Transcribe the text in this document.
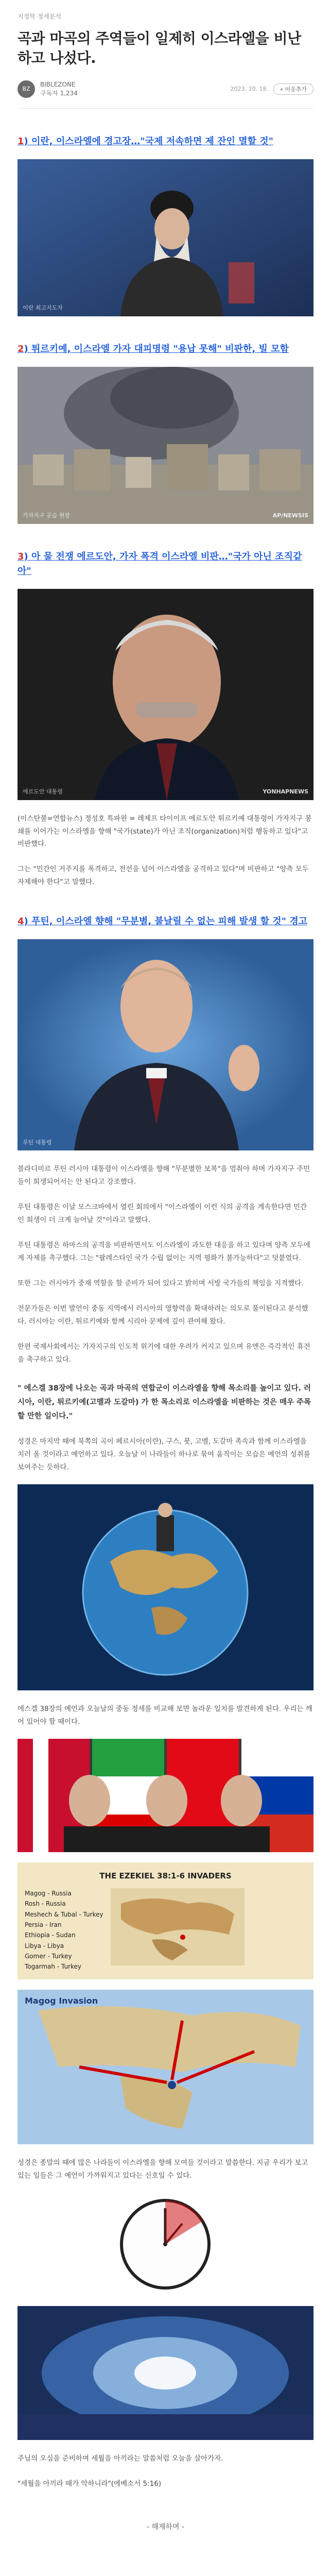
지정학 정세분석
곡과 마곡의 주역들이 일제히 이스라엘을 비난하고 나섰다.
BZ
BIBLEZONE
구독자 1,234
2023. 10. 18.	+ 이웃추가
1) 이란, 이스라엘에 경고장…"국제 저속하면 제 잔인 멸할 것"
이란 최고지도자
2) 튀르키예, 이스라엘 가자 대피명령 "용납 못해" 비판한, 빌 모함
AP/NEWSIS
가자지구 공습 현장
3) 아 물 전쟁 에르도안, 가자 폭격 이스라엘 비판…"국가 아닌 조직같아"
YONHAPNEWS
에르도안 대통령

(이스탄불=연합뉴스) 정성호 특파원 = 레제프 타이이프 에르도안 튀르키예 대통령이 가자지구 봉쇄를 이어가는 이스라엘을 향해 "국가(state)가 아닌 조직(organization)처럼 행동하고 있다"고 비판했다.

그는 "민간인 거주지를 폭격하고, 전선을 넘어 이스라엘을 공격하고 있다"며 비판하고 "양측 모두 자제해야 한다"고 말했다.

4) 푸틴, 이스라엘 향해 "무분별, 불날릴 수 없는 피해 발생 할 것" 경고
푸틴 대통령

블라디미르 푸틴 러시아 대통령이 이스라엘을 향해 "무분별한 보복"을 멈춰야 하며 가자지구 주민들이 희생되어서는 안 된다고 강조했다.

푸틴 대통령은 이날 모스크바에서 열린 회의에서 "이스라엘이 이런 식의 공격을 계속한다면 민간인 희생이 더 크게 늘어날 것"이라고 말했다.

푸틴 대통령은 하마스의 공격을 비판하면서도 이스라엘이 과도한 대응을 하고 있다며 양측 모두에게 자제를 촉구했다. 그는 "팔레스타인 국가 수립 없이는 지역 평화가 불가능하다"고 덧붙였다.

또한 그는 러시아가 중재 역할을 할 준비가 되어 있다고 밝히며 서방 국가들의 책임을 지적했다.

전문가들은 이번 발언이 중동 지역에서 러시아의 영향력을 확대하려는 의도로 풀이된다고 분석했다. 러시아는 이란, 튀르키예와 함께 시리아 문제에 깊이 관여해 왔다.

한편 국제사회에서는 가자지구의 인도적 위기에 대한 우려가 커지고 있으며 유엔은 즉각적인 휴전을 촉구하고 있다.

" 에스겔 38장에 나오는 곡과 마곡의 연합군이 이스라엘을 향해 목소리를 높이고 있다. 러시아, 이란, 튀르키예(고멜과 도갈마) 가 한 목소리로 이스라엘을 비판하는 것은 매우 주목할 만한 일이다."

성경은 마지막 때에 북쪽의 곡이 페르시아(이란), 구스, 붓, 고멜, 도갈마 족속과 함께 이스라엘을 치러 올 것이라고 예언하고 있다. 오늘날 이 나라들이 하나로 묶여 움직이는 모습은 예언의 성취를 보여주는 듯하다.

에스겔 38장의 예언과 오늘날의 중동 정세를 비교해 보면 놀라운 일치를 발견하게 된다. 우리는 깨어 있어야 할 때이다.

THE EZEKIEL 38:1-6 INVADERS
Magog - Russia
Rosh - Russia
Meshech & Tubal - Turkey
Persia - Iran
Ethiopia - Sudan
Libya - Libya
Gomer - Turkey
Togarmah - Turkey
Magog Invasion

성경은 종말의 때에 많은 나라들이 이스라엘을 향해 모여들 것이라고 말씀한다. 지금 우리가 보고 있는 일들은 그 예언이 가까워지고 있다는 신호일 수 있다.

주님의 오심을 준비하며 세월을 아끼라는 말씀처럼 오늘을 살아가자.

"세월을 아끼라 때가 악하니라"(에베소서 5:16)

- 해제하며 -
